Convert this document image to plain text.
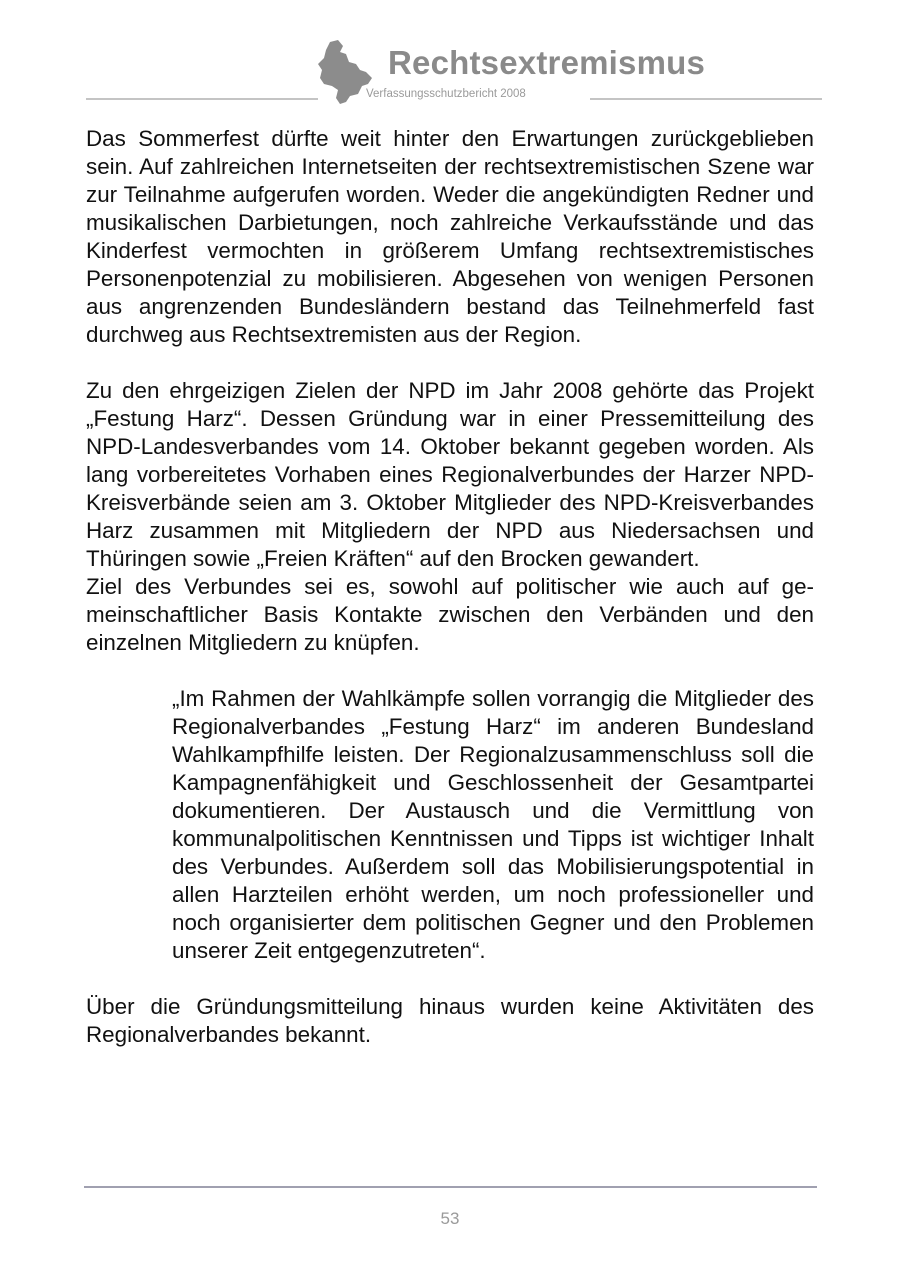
Rechtsextremismus
Verfassungsschutzbericht 2008

Das Sommerfest dürfte weit hinter den Erwartungen zurückgeblieben sein. Auf zahlreichen Internetseiten der rechtsextremistischen Szene war zur Teilnahme aufgerufen worden. Weder die angekündigten Redner und musikalischen Darbietungen, noch zahlreiche Verkaufsstände und das Kinderfest vermochten in größerem Umfang rechtsextremistisches Personenpotenzial zu mobilisieren. Abgesehen von wenigen Personen aus angrenzenden Bundesländern bestand das Teilnehmerfeld fast durchweg aus Rechtsextremisten aus der Region.

Zu den ehrgeizigen Zielen der NPD im Jahr 2008 gehörte das Projekt „Festung Harz“. Dessen Gründung war in einer Pressemitteilung des NPD-Landesverbandes vom 14. Oktober bekannt gegeben worden. Als lang vorbereitetes Vorhaben eines Regionalverbundes der Harzer NPD-Kreisverbände seien am 3. Oktober Mitglieder des NPD-Kreisverbandes Harz zusammen mit Mitgliedern der NPD aus Niedersachsen und Thüringen sowie „Freien Kräften“ auf den Brocken gewandert.

Ziel des Verbundes sei es, sowohl auf politischer wie auch auf gemeinschaftlicher Basis Kontakte zwischen den Verbänden und den einzelnen Mitgliedern zu knüpfen.

„Im Rahmen der Wahlkämpfe sollen vorrangig die Mitglieder des Regionalverbandes „Festung Harz“ im anderen Bundesland Wahlkampfhilfe leisten. Der Regionalzusammenschluss soll die Kampagnenfähigkeit und Geschlossenheit der Gesamtpartei dokumentieren. Der Austausch und die Vermittlung von kommunalpolitischen Kenntnissen und Tipps ist wichtiger Inhalt des Verbundes. Außerdem soll das Mobilisierungspotential in allen Harzteilen erhöht werden, um noch professioneller und noch organisierter dem politischen Gegner und den Problemen unserer Zeit entgegenzutreten“.

Über die Gründungsmitteilung hinaus wurden keine Aktivitäten des Regionalverbandes bekannt.

53
